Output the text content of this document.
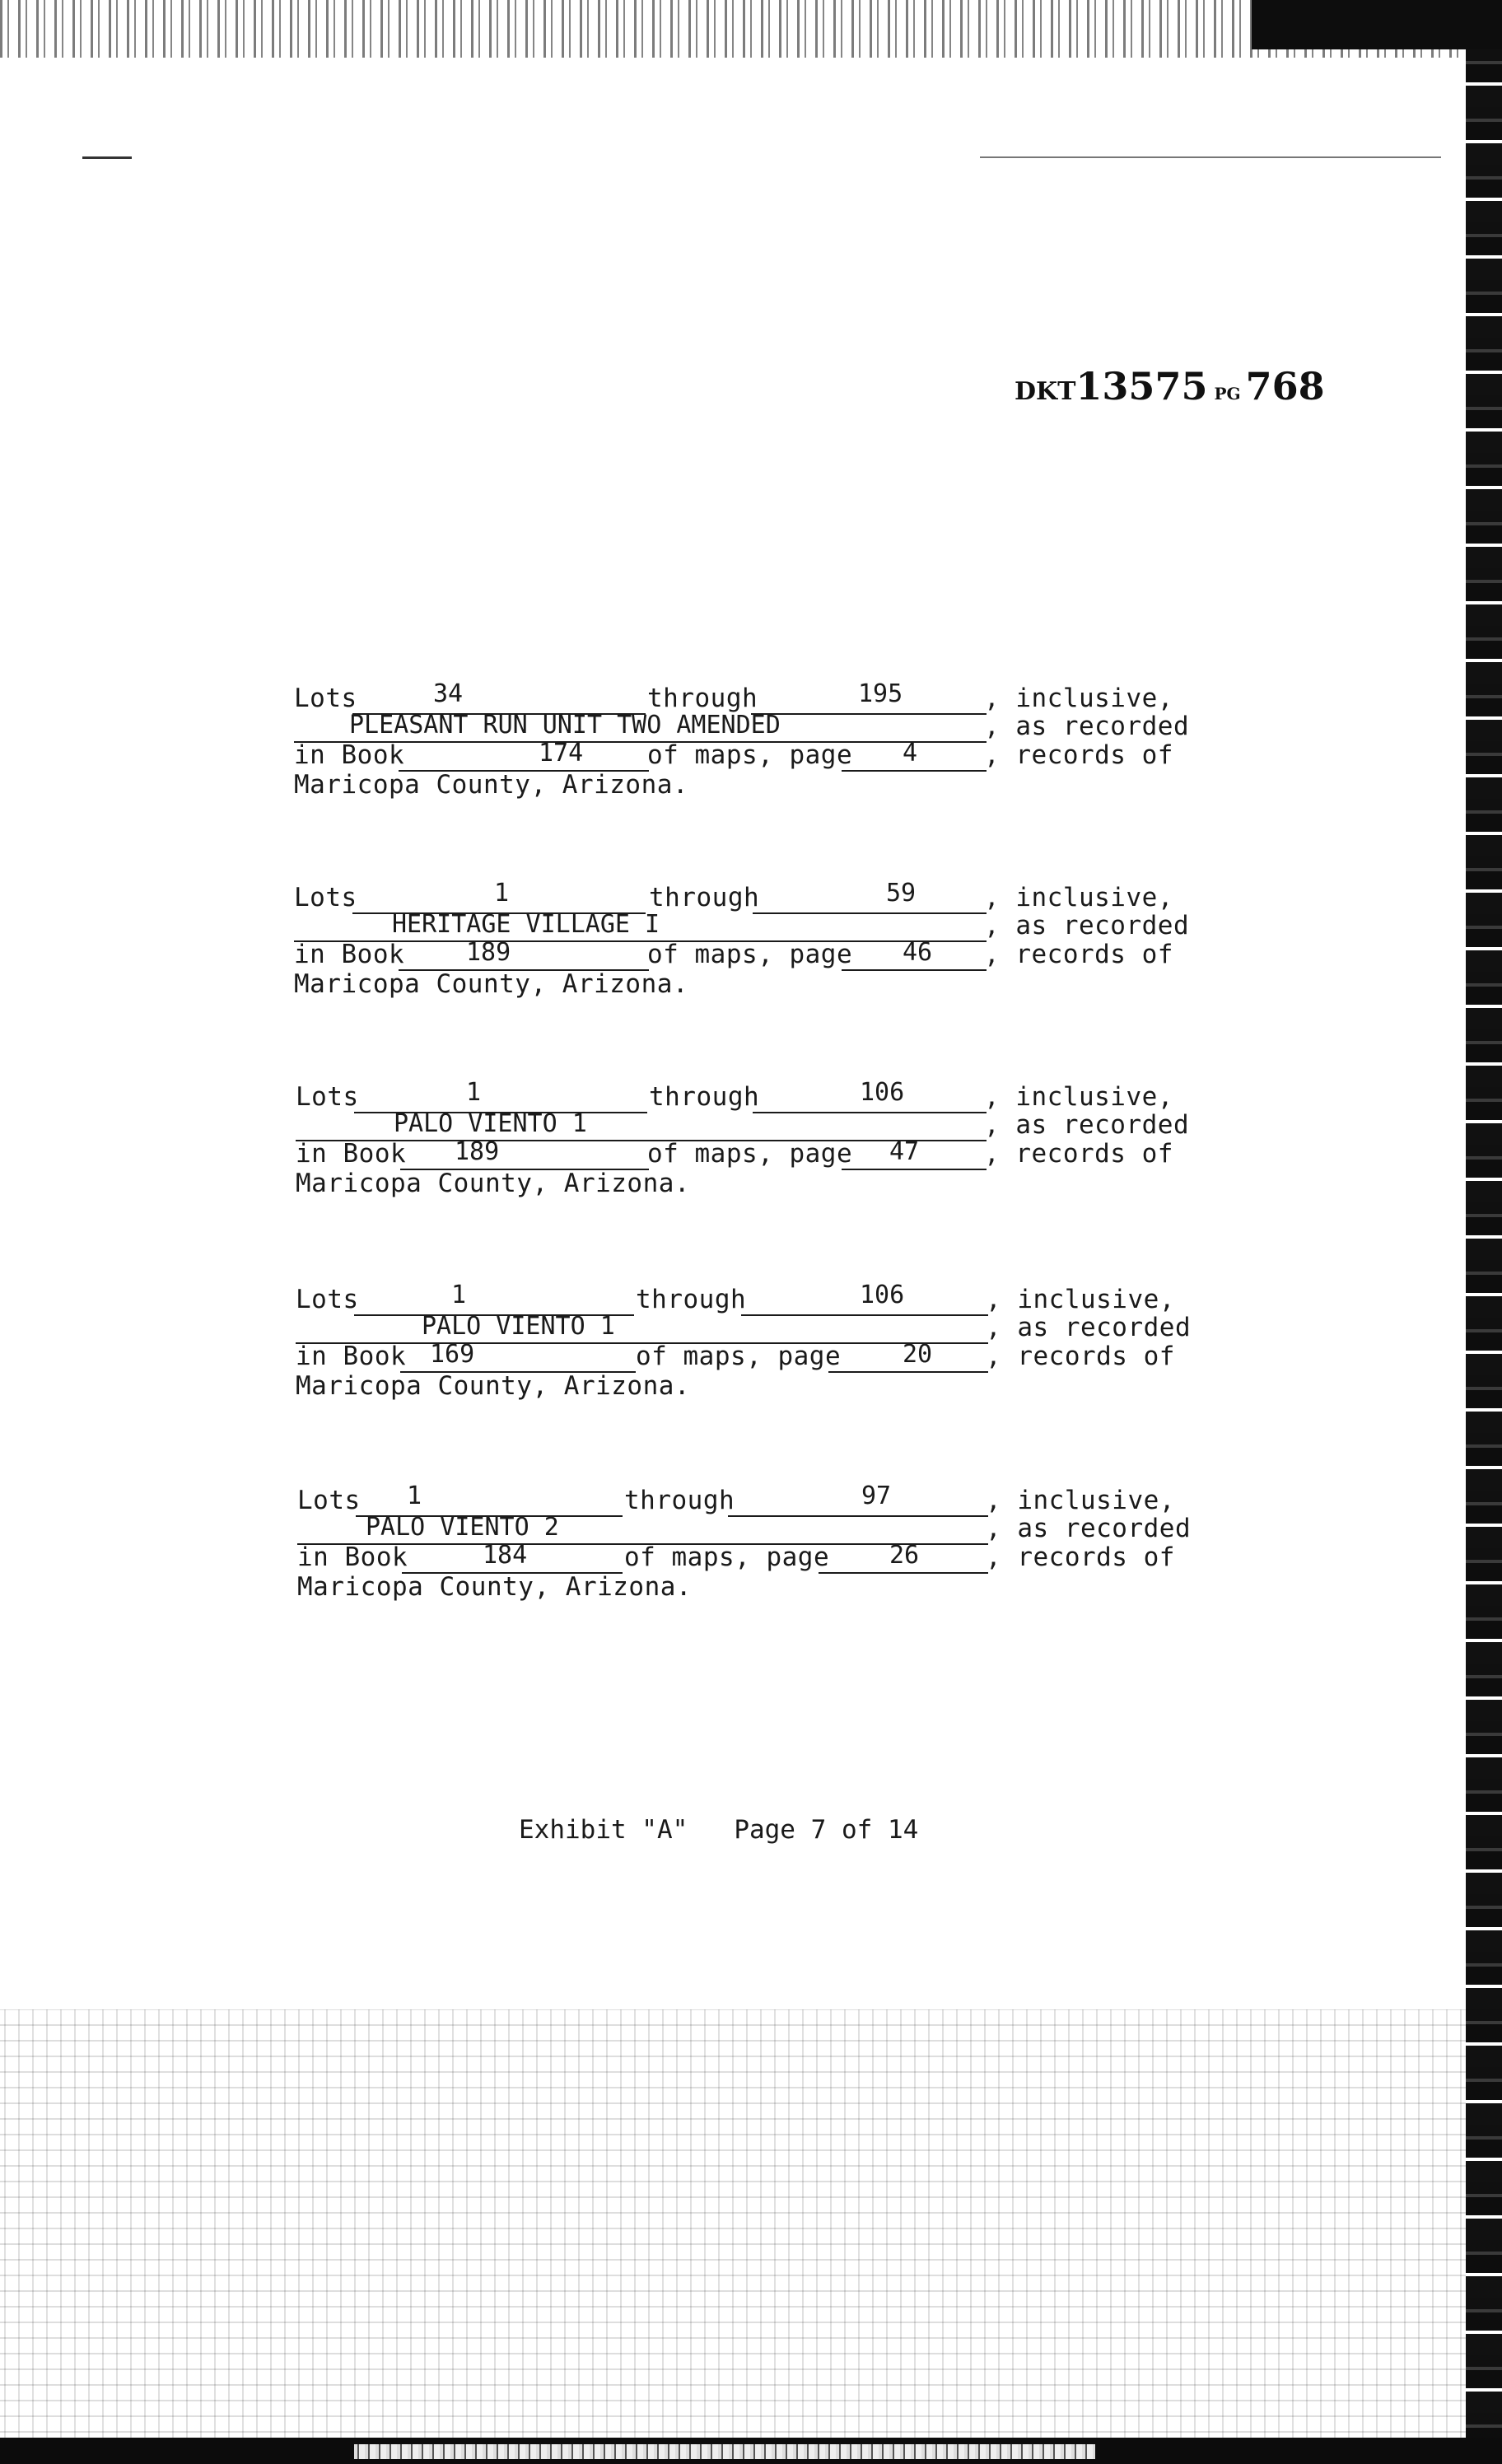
DKT13575 PG 768
Lots	34	through	195	, inclusive,
PLEASANT RUN UNIT TWO AMENDED	, as recorded
in Book	174	of maps, page 4	, records of
Maricopa County, Arizona.
Lots	1	through	59	, inclusive,
HERITAGE VILLAGE I	, as recorded
in Book 189	of maps, page 46 , records of
Maricopa County, Arizona.
Lots	1	through	106	, inclusive,
PALO VIENTO 1	, as recorded
in Book 189	of maps, page 47	, records of
Maricopa County, Arizona.
Lots	1	through	106	, inclusive,
PALO VIENTO 1	, as recorded
in Book 169	of maps, page 20 , records of
Maricopa County, Arizona.
Lots 1	through	97	, inclusive,
PALO VIENTO 2	, as recorded
in Book	184	of maps, page 26	, records of
Maricopa County, Arizona.
Exhibit "A" Page 7 of 14
